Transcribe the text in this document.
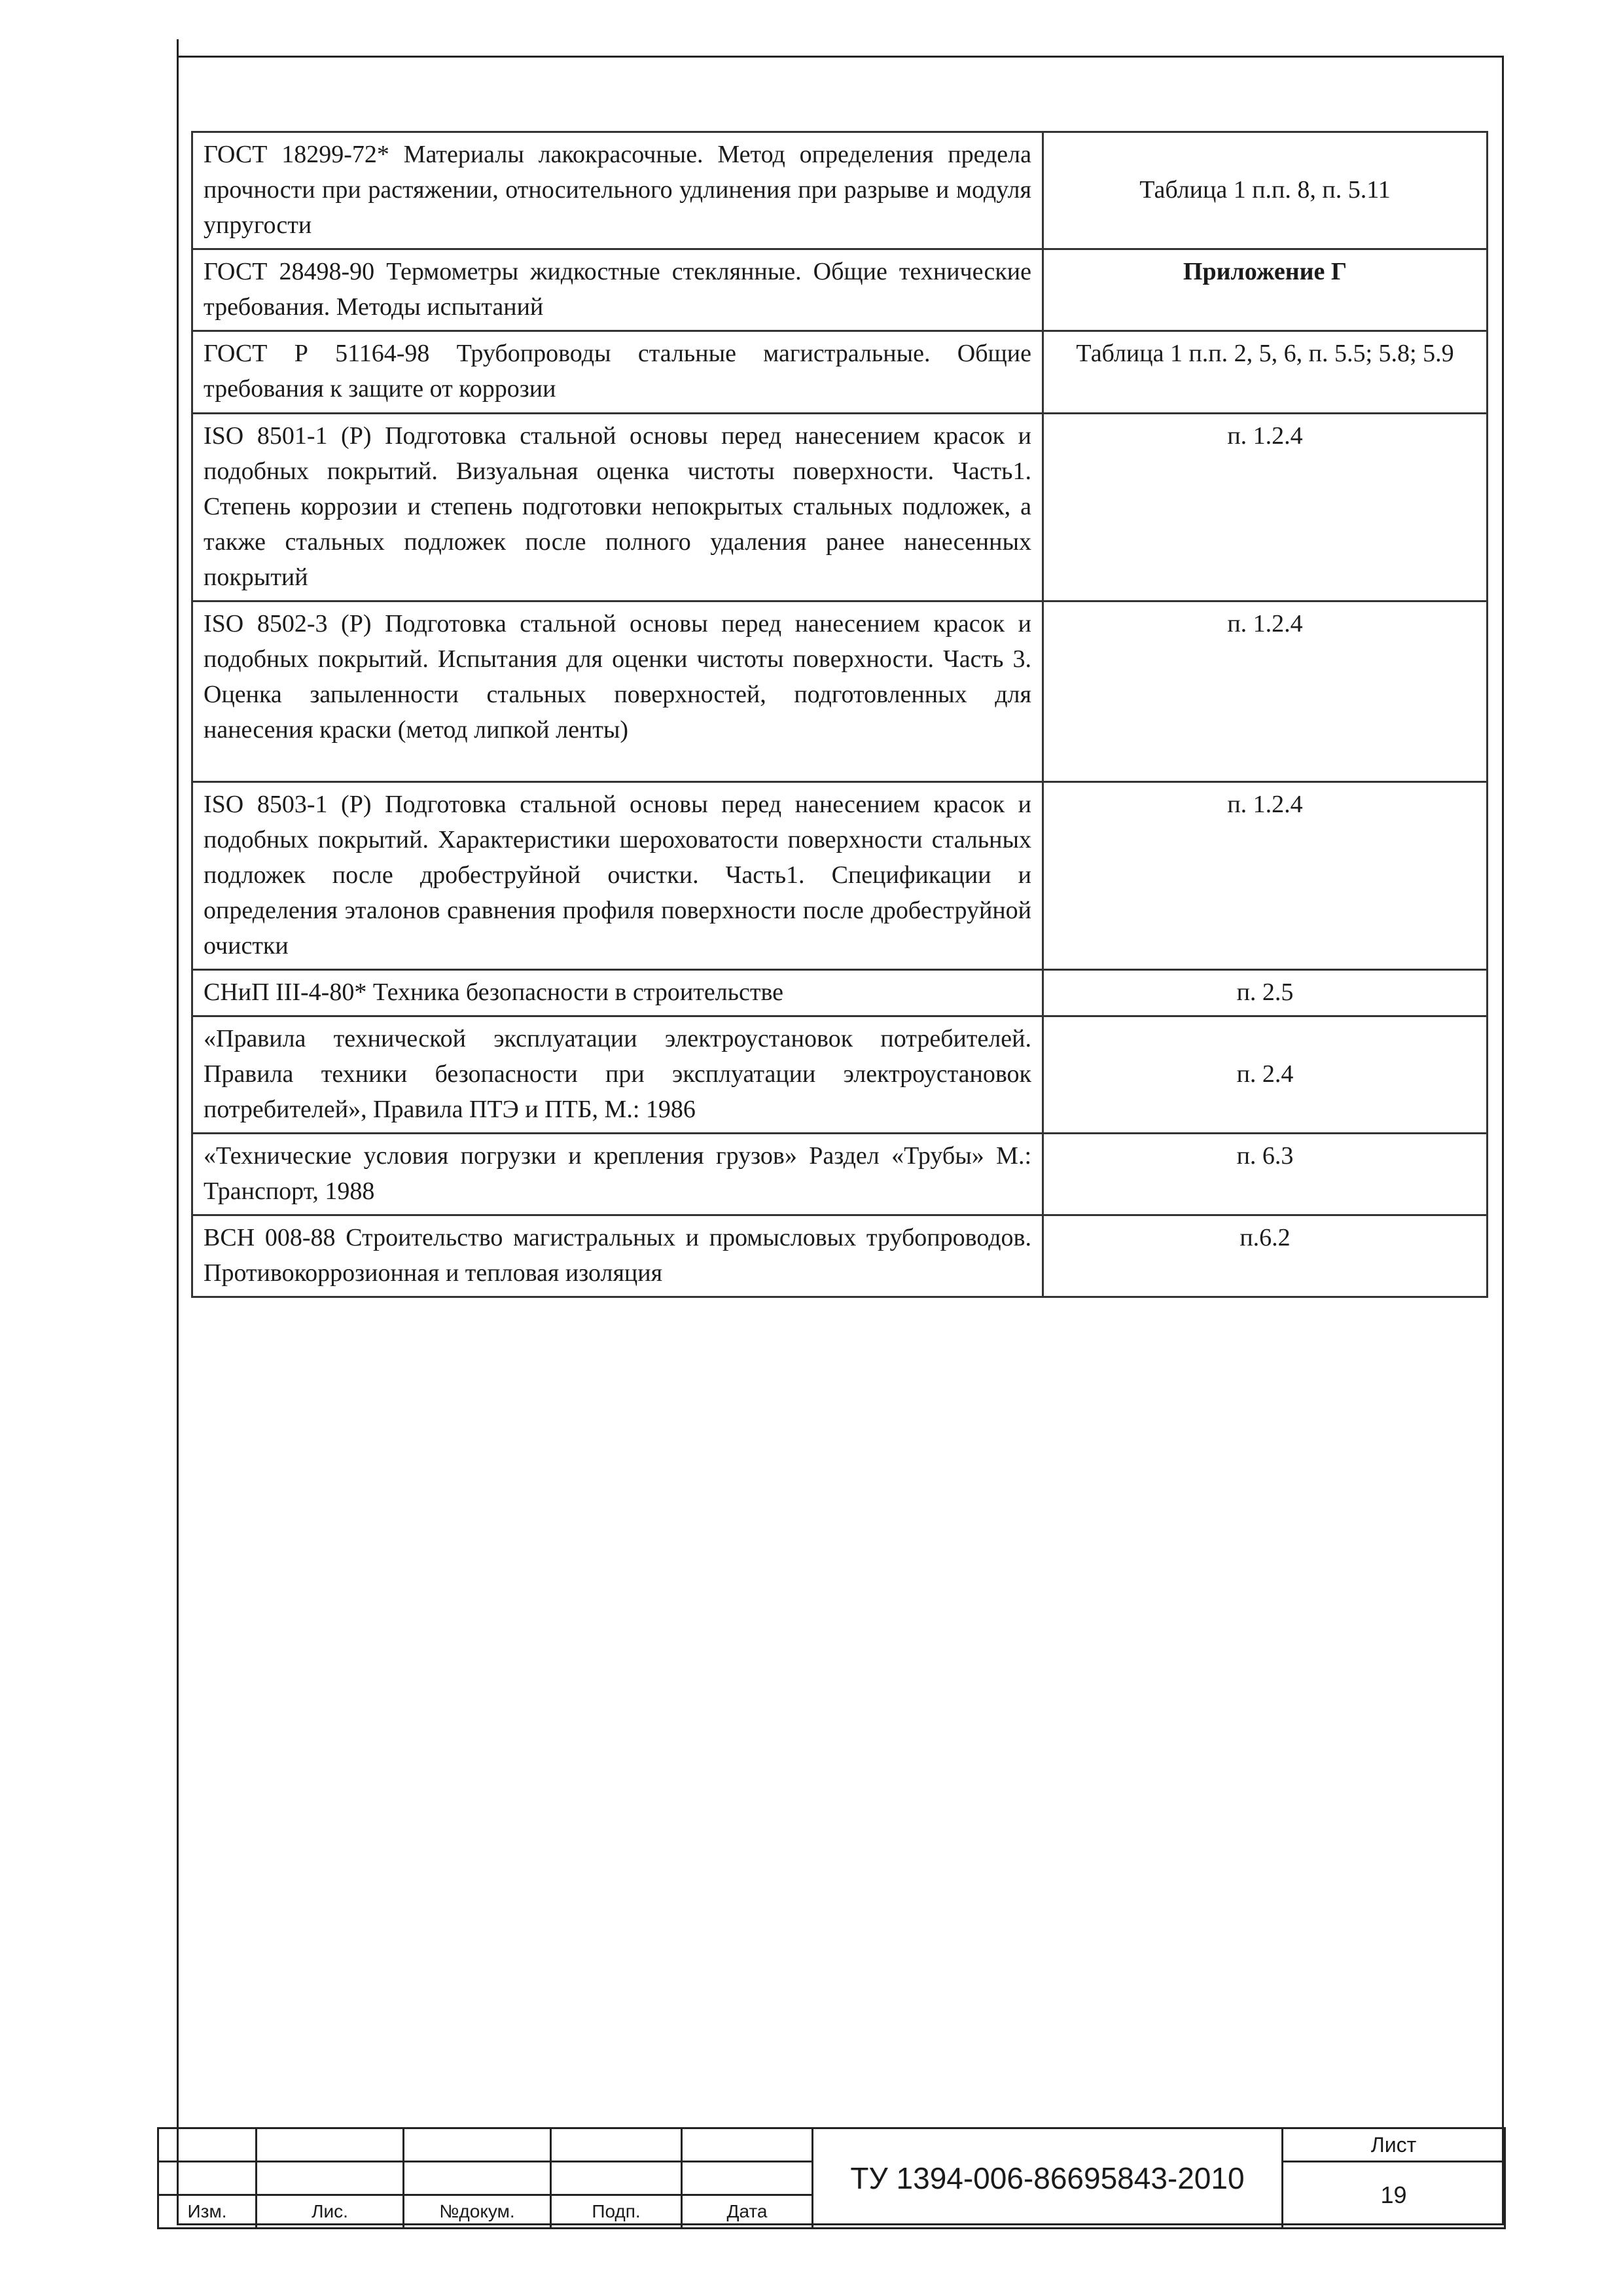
ГОСТ 18299-72* Материалы лакокрасочные. Метод определения предела прочности при растяжении, относительного удлинения при разрыве и модуля упругости	Таблица 1 п.п. 8, п. 5.11
ГОСТ 28498-90 Термометры жидкостные стеклянные. Общие технические требования. Методы испытаний	Приложение Г
ГОСТ Р 51164-98 Трубопроводы стальные магистральные. Общие требования к защите от коррозии	Таблица 1 п.п. 2, 5, 6, п. 5.5; 5.8; 5.9
ISO 8501-1 (Р) Подготовка стальной основы перед нанесением красок и подобных покрытий. Визуальная оценка чистоты поверхности. Часть1. Степень коррозии и степень подготовки непокрытых стальных подложек, а также стальных подложек после полного удаления ранее нанесенных покрытий	п. 1.2.4
ISO 8502-3 (Р) Подготовка стальной основы перед нанесением красок и подобных покрытий. Испытания для оценки чистоты поверхности. Часть 3. Оценка запыленности стальных поверхностей, подготовленных для нанесения краски (метод липкой ленты)	п. 1.2.4
ISO 8503-1 (Р) Подготовка стальной основы перед нанесением красок и подобных покрытий. Характеристики шероховатости поверхности стальных подложек после дробеструйной очистки. Часть1. Спецификации и определения эталонов сравнения профиля поверхности после дробеструйной очистки	п. 1.2.4
СНиП III-4-80* Техника безопасности в строительстве	п. 2.5
«Правила технической эксплуатации электроустановок потребителей. Правила техники безопасности при эксплуатации электроустановок потребителей», Правила ПТЭ и ПТБ, М.: 1986	п. 2.4
«Технические условия погрузки и крепления грузов» Раздел «Трубы» М.: Транспорт, 1988	п. 6.3
ВСН 008-88 Строительство магистральных и промысловых трубопроводов. Противокоррозионная и тепловая изоляция	п.6.2
					ТУ 1394-006-86695843-2010	Лист
						19
Изм.	Лис.	№докум.	Подп.	Дата		
